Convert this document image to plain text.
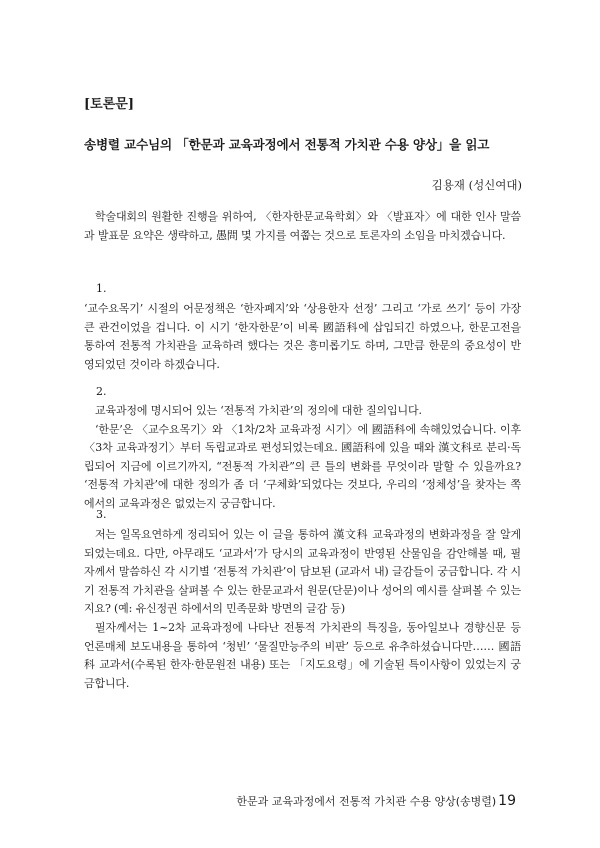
[토론문]
송병렬 교수님의 「한문과 교육과정에서 전통적 가치관 수용 양상」을 읽고
김용재 (성신여대)

학술대회의 원활한 진행을 위하여, 〈한자한문교육학회〉와 〈발표자〉에 대한 인사 말씀과 발표문 요약은 생략하고, 愚問 몇 가지를 여쭙는 것으로 토론자의 소임을 마치겠습니다.

1.

‘교수요목기’ 시절의 어문정책은 ‘한자폐지’와 ‘상용한자 선정’ 그리고 ‘가로 쓰기’ 등이 가장 큰 관건이었을 겁니다. 이 시기 ‘한자한문’이 비록 國語科에 삽입되긴 하였으나, 한문고전을 통하여 전통적 가치관을 교육하려 했다는 것은 흥미롭기도 하며, 그만큼 한문의 중요성이 반영되었던 것이라 하겠습니다.

2.

교육과정에 명시되어 있는 ‘전통적 가치관’의 정의에 대한 질의입니다.

‘한문’은 〈교수요목기〉와 〈1차/2차 교육과정 시기〉에 國語科에 속해있었습니다. 이후 〈3차 교육과정기〉부터 독립교과로 편성되었는데요. 國語科에 있을 때와 漢文科로 분리·독립되어 지금에 이르기까지, “전통적 가치관”의 큰 틀의 변화를 무엇이라 말할 수 있을까요? ‘전통적 가치관’에 대한 정의가 좀 더 ‘구체화’되었다는 것보다, 우리의 ‘정체성’을 찾자는 쪽에서의 교육과정은 없었는지 궁금합니다.

3.

저는 일목요연하게 정리되어 있는 이 글을 통하여 漢文科 교육과정의 변화과정을 잘 알게 되었는데요. 다만, 아무래도 ‘교과서’가 당시의 교육과정이 반영된 산물임을 감안해볼 때, 필자께서 말씀하신 각 시기별 ‘전통적 가치관’이 담보된 (교과서 내) 글감들이 궁금합니다. 각 시기 전통적 가치관을 살펴볼 수 있는 한문교과서 원문(단문)이나 성어의 예시를 살펴볼 수 있는지요? (예: 유신정권 하에서의 민족문화 방면의 글감 등)

필자께서는 1~2차 교육과정에 나타난 전통적 가치관의 특징을, 동아일보나 경향신문 등 언론매체 보도내용을 통하여 ‘청빈’ ‘물질만능주의 비판’ 등으로 유추하셨습니다만…… 國語科 교과서(수록된 한자·한문원전 내용) 또는 「지도요령」에 기술된 특이사항이 있었는지 궁금합니다.

한문과 교육과정에서 전통적 가치관 수용 양상(송병렬) 19
